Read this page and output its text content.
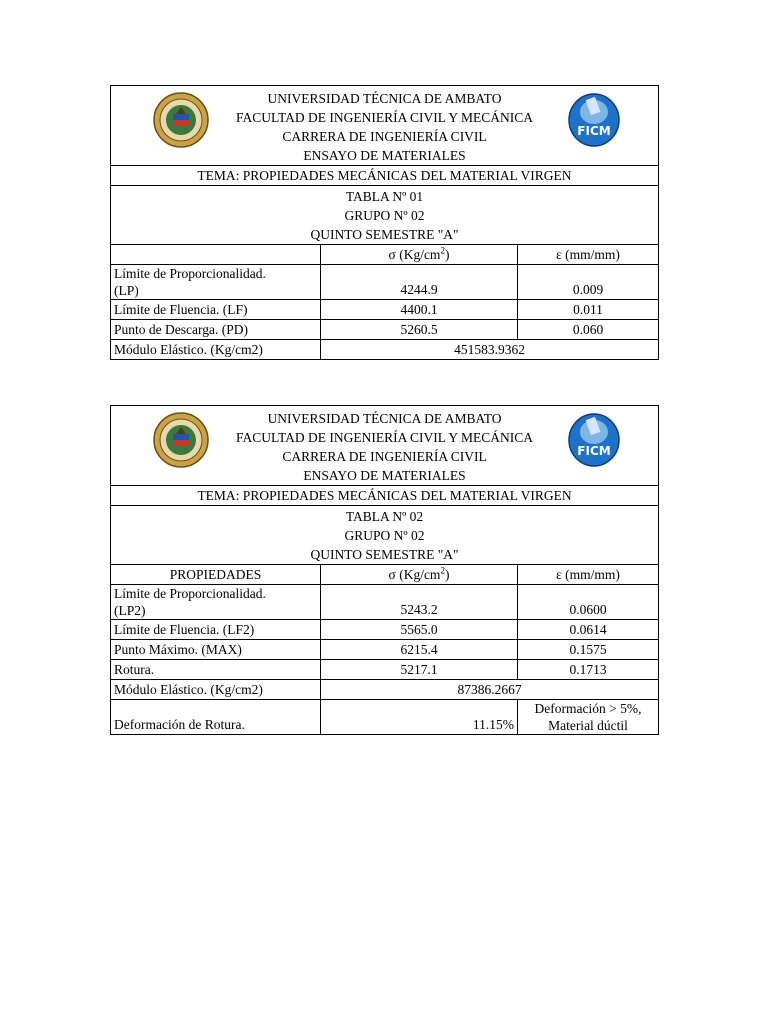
FICM
UNIVERSIDAD TÉCNICA DE AMBATO
FACULTAD DE INGENIERÍA CIVIL Y MECÁNICA
CARRERA DE INGENIERÍA CIVIL
ENSAYO DE MATERIALES		

TEMA: PROPIEDADES MECÁNICAS DEL MATERIAL VIRGEN		

TABLA Nº 01
GRUPO Nº 02
QUINTO SEMESTRE "A"		

	σ $(Kg/cm^2)$	ε (mm/mm)

Límite de Proporcionalidad.
(LP)	4244.9	0.009
Límite de Fluencia. (LF)	4400.1	0.011
Punto de Descarga. (PD)	5260.5	0.060
Módulo Elástico. (Kg/cm2)	451583.9362	
FICM
UNIVERSIDAD TÉCNICA DE AMBATO
FACULTAD DE INGENIERÍA CIVIL Y MECÁNICA
CARRERA DE INGENIERÍA CIVIL
ENSAYO DE MATERIALES		

TEMA: PROPIEDADES MECÁNICAS DEL MATERIAL VIRGEN		

TABLA Nº 02
GRUPO Nº 02
QUINTO SEMESTRE "A"		

PROPIEDADES	σ $(Kg/cm^2)$	ε (mm/mm)

Límite de Proporcionalidad.
(LP2)	5243.2	0.0600
Límite de Fluencia. (LF2)	5565.0	0.0614
Punto Máximo. (MAX)	6215.4	0.1575
Rotura.	5217.1	0.1713
Módulo Elástico. (Kg/cm2)	87386.2667	
Deformación de Rotura.	11.15%	Deformación > 5%,
Material dúctil
